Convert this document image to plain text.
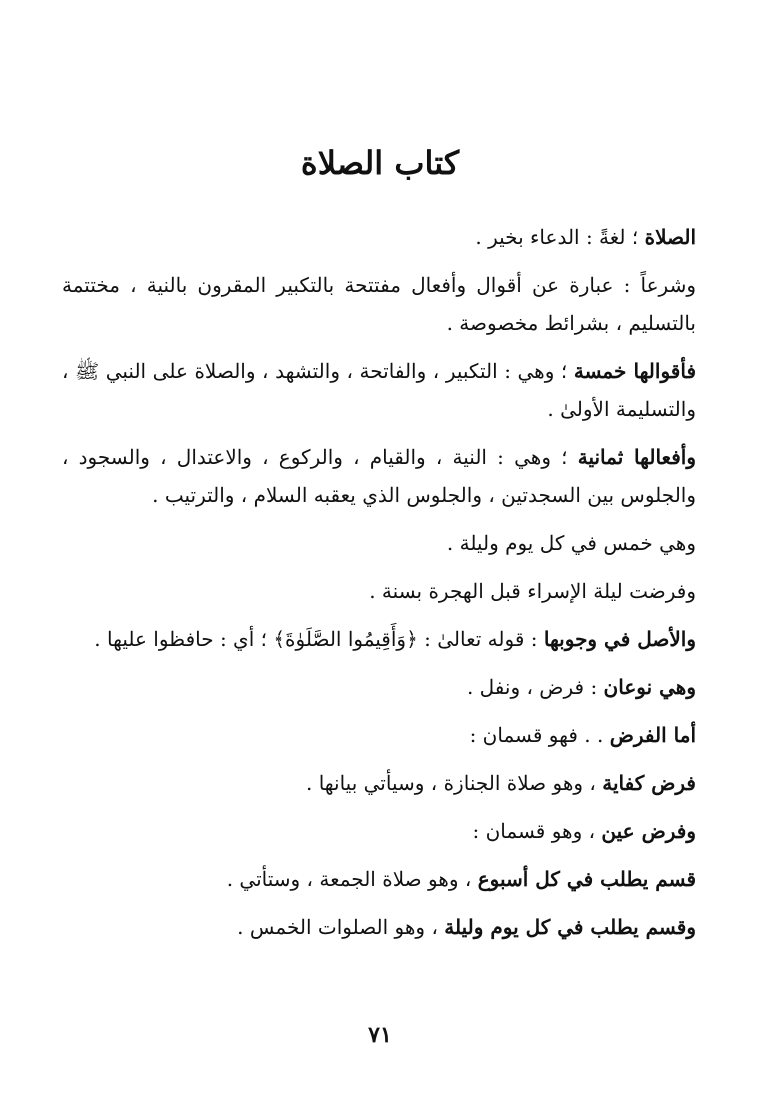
كتاب الصلاة

الصلاة ؛ لغةً : الدعاء بخير .

وشرعاً : عبارة عن أقوال وأفعال مفتتحة بالتكبير المقرون بالنية ، مختتمة بالتسليم ، بشرائط مخصوصة .

فأقوالها خمسة ؛ وهي : التكبير ، والفاتحة ، والتشهد ، والصلاة على النبي ﷺ ، والتسليمة الأولىٰ .

وأفعالها ثمانية ؛ وهي : النية ، والقيام ، والركوع ، والاعتدال ، والسجود ، والجلوس بين السجدتين ، والجلوس الذي يعقبه السلام ، والترتيب .

وهي خمس في كل يوم وليلة .

وفرضت ليلة الإسراء قبل الهجرة بسنة .

والأصل في وجوبها : قوله تعالىٰ : ﴿وَأَقِيمُوا الصَّلَوٰةَ﴾ ؛ أي : حافظوا عليها .

وهي نوعان : فرض ، ونفل .

أما الفرض . . فهو قسمان :

فرض كفاية ، وهو صلاة الجنازة ، وسيأتي بيانها .

وفرض عين ، وهو قسمان :

قسم يطلب في كل أسبوع ، وهو صلاة الجمعة ، وستأتي .

وقسم يطلب في كل يوم وليلة ، وهو الصلوات الخمس .

٧١
